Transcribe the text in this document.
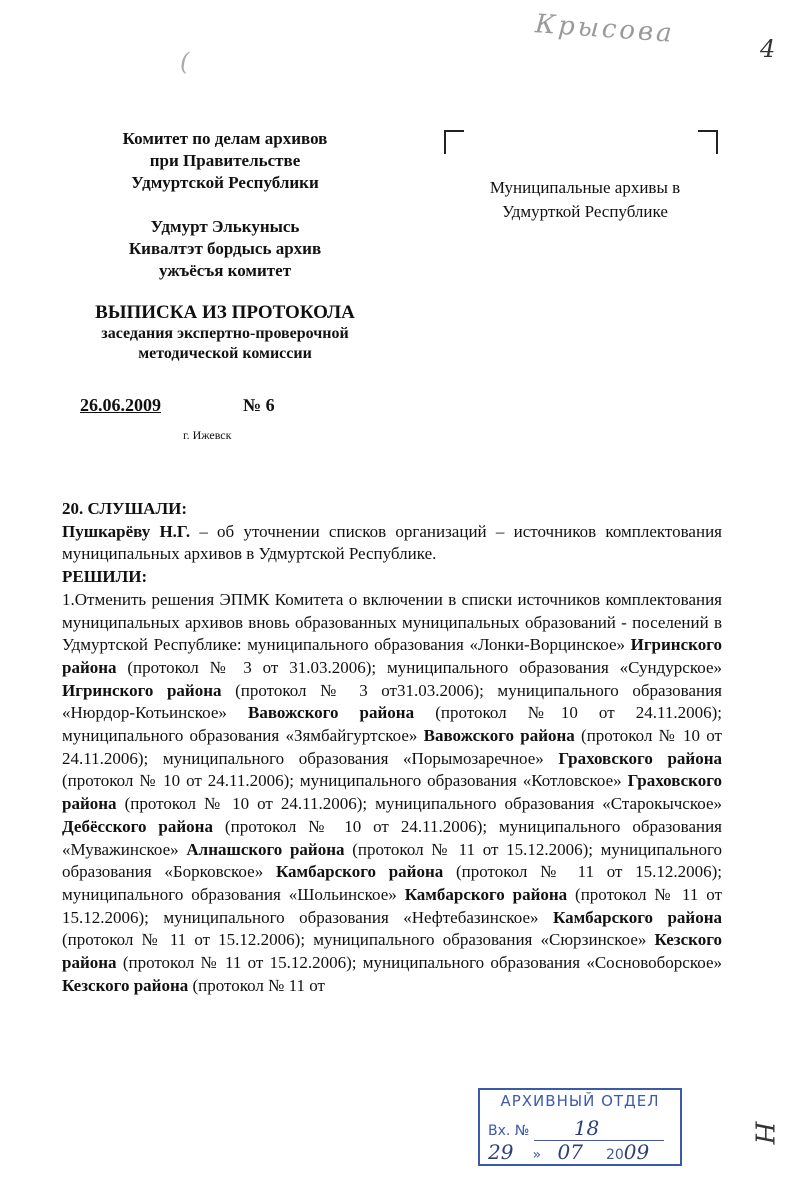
Крысова
4
(
Комитет по делам архивов
при Правительстве
Удмуртской Республики
Удмурт Элькунысь
Кивалтэт бордысь архив
ужъёсъя комитет
ВЫПИСКА ИЗ ПРОТОКОЛА
заседания экспертно-проверочной
методической комиссии
26.06.2009	№ 6
г. Ижевск
Муниципальные архивы в
Удмурткой Республике

20. СЛУШАЛИ:

Пушкарёву Н.Г. – об уточнении списков организаций – источников комплектования муниципальных архивов в Удмуртской Республике.

РЕШИЛИ:

1.Отменить решения ЭПМК Комитета о включении в списки источников комплектования муниципальных архивов вновь образованных муниципальных образований - поселений в Удмуртской Республике: муниципального образования «Лонки-Ворцинское» Игринского района (протокол № 3 от 31.03.2006); муниципального образования «Сундурское» Игринского района (протокол № 3 от31.03.2006); муниципального образования «Нюрдор-Котьинское» Вавожского района (протокол №10 от 24.11.2006); муниципального образования «Зямбайгуртское» Вавожского района (протокол № 10 от 24.11.2006); муниципального образования «Порымозаречное» Граховского района (протокол № 10 от 24.11.2006); муниципального образования «Котловское» Граховского района (протокол № 10 от 24.11.2006); муниципального образования «Старокычское» Дебёсского района (протокол № 10 от 24.11.2006); муниципального образования «Муважинское» Алнашского района (протокол № 11 от 15.12.2006); муниципального образования «Борковское» Камбарского района (протокол № 11 от 15.12.2006); муниципального образования «Шольинское» Камбарского района (протокол № 11 от 15.12.2006); муниципального образования «Нефтебазинское» Камбарского района (протокол № 11 от 15.12.2006); муниципального образования «Сюрзинское» Кезского района (протокол № 11 от 15.12.2006); муниципального образования «Сосновоборское» Кезского района (протокол № 11 от

АРХИВНЫЙ ОТДЕЛ
Вх. № 18
29 » 07 2009
Н
